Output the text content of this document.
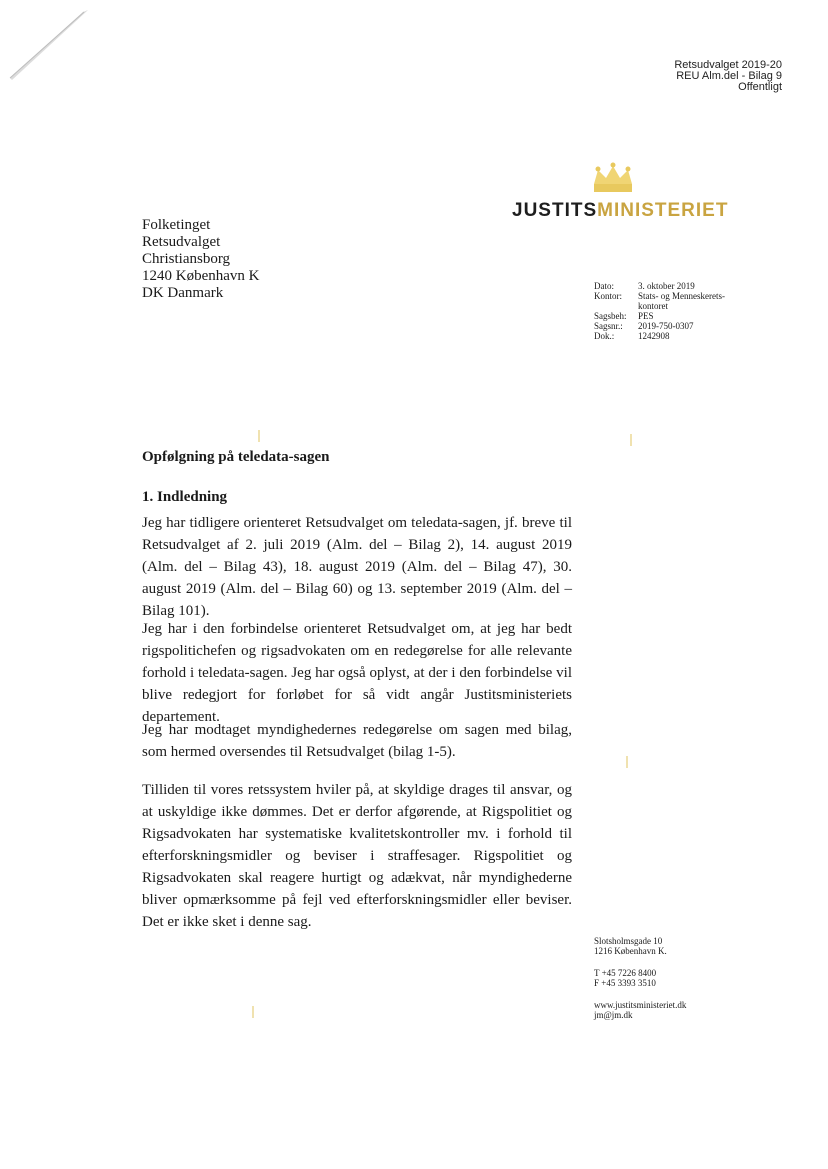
Retsudvalget 2019-20
REU Alm.del - Bilag 9
Offentligt
JUSTITSMINISTERIET
Folketinget
Retsudvalget
Christiansborg
1240 København K
DK Danmark	Dato:	3. oktober 2019
Kontor:	Stats- og Menneskerets-kontoret
Sagsbeh:	PES
Sagsnr.:	2019-750-0307
Dok.:	1242908
Opfølgning på teledata-sagen
1. Indledning

Jeg har tidligere orienteret Retsudvalget om teledata-sagen, jf. breve til Retsudvalget af 2. juli 2019 (Alm. del – Bilag 2), 14. august 2019 (Alm. del – Bilag 43), 18. august 2019 (Alm. del – Bilag 47), 30. august 2019 (Alm. del – Bilag 60) og 13. september 2019 (Alm. del – Bilag 101).

Jeg har i den forbindelse orienteret Retsudvalget om, at jeg har bedt rigspolitichefen og rigsadvokaten om en redegørelse for alle relevante forhold i teledata-sagen. Jeg har også oplyst, at der i den forbindelse vil blive redegjort for forløbet for så vidt angår Justitsministeriets departement.

Jeg har modtaget myndighedernes redegørelse om sagen med bilag, som hermed oversendes til Retsudvalget (bilag 1-5).

Tilliden til vores retssystem hviler på, at skyldige drages til ansvar, og at uskyldige ikke dømmes. Det er derfor afgørende, at Rigspolitiet og Rigsadvokaten har systematiske kvalitetskontroller mv. i forhold til efterforskningsmidler og beviser i straffesager. Rigspolitiet og Rigsadvokaten skal reagere hurtigt og adækvat, når myndighederne bliver opmærksomme på fejl ved efterforskningsmidler eller beviser. Det er ikke sket i denne sag.

Slotsholmsgade 10
1216 København K.
T +45 7226 8400
F +45 3393 3510
www.justitsministeriet.dk
jm@jm.dk
